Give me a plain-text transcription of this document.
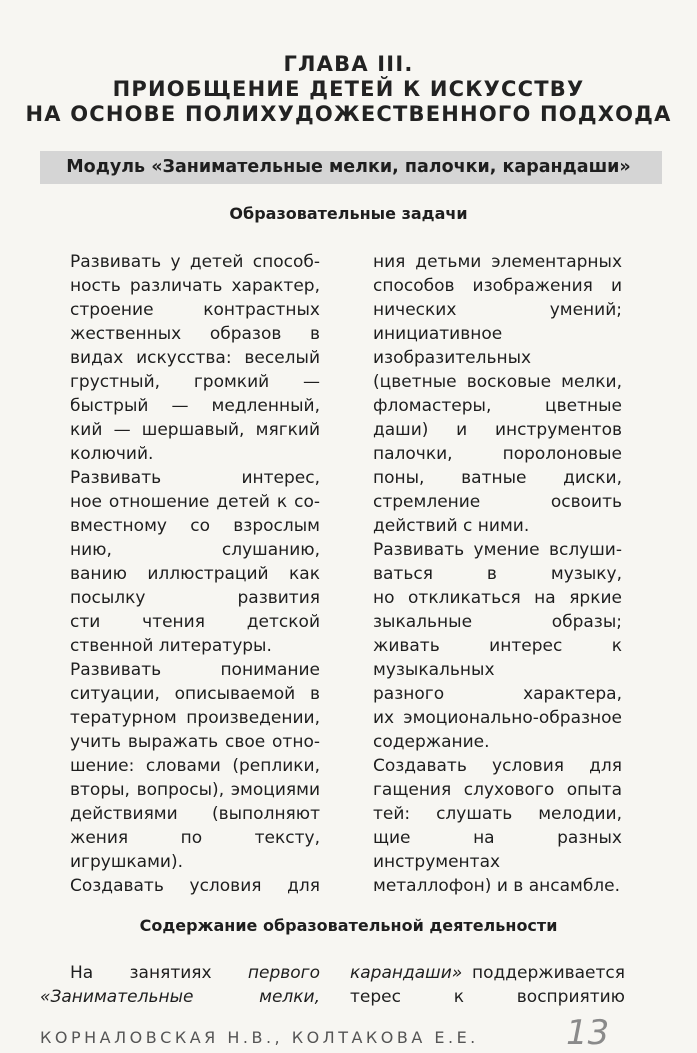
ГЛАВА III.
ПРИОБЩЕНИЕ ДЕТЕЙ К ИСКУССТВУ
НА ОСНОВЕ ПОЛИХУДОЖЕСТВЕННОГО ПОДХОДА
Модуль «Занимательные мелки, палочки, карандаши»
Образовательные задачи
Развивать у детей способ-
ность различать характер,
строение контрастных
жественных образов в
видах искусства: веселый
грустный, громкий —
быстрый — медленный,
кий — шершавый, мягкий
колючий.
Развивать интерес,
ное отношение детей к со-
вместному со взрослым
нию, слушанию,
ванию иллюстраций как
посылку развития
сти чтения детской
ственной литературы.
Развивать понимание
ситуации, описываемой в
тературном произведении,
учить выражать свое отно-
шение: словами (реплики,
вторы, вопросы), эмоциями
действиями (выполняют
жения по тексту,
игрушками).
Создавать условия для
ния детьми элементарных
способов изображения и
нических умений;
инициативное
изобразительных
(цветные восковые мелки,
фломастеры, цветные
даши) и инструментов
палочки, поролоновые
поны, ватные диски,
стремление освоить
действий с ними.
Развивать умение вслуши-
ваться в музыку,
но откликаться на яркие
зыкальные образы;
живать интерес к
музыкальных
разного характера,
их эмоционально-образное
содержание.
Создавать условия для
гащения слухового опыта
тей: слушать мелодии,
щие на разных
инструментах
металлофон) и в ансамбле.
Содержание образовательной деятельности
На занятиях первого
«Занимательные мелки,
карандаши» поддерживается
терес к восприятию
КОРНАЛОВСКАЯ Н.В., КОЛТАКОВА Е.Е.	13
